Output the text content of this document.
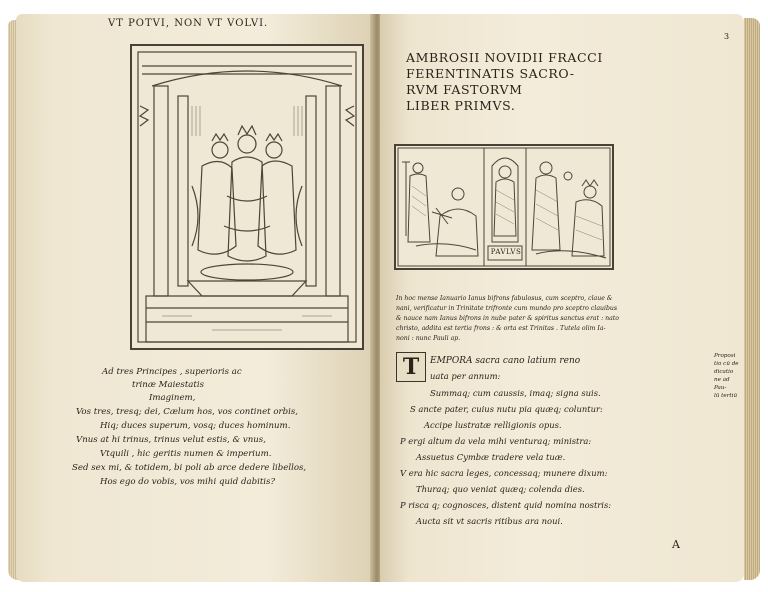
VT POTVI, NON VT VOLVI.
Ad tres Principes , superioris ac
trinæ Maiestatis
Imaginem,
Vos tres, tresq; dei, Cælum hos, vos continet orbis,
Hiq; duces superum, vosq; duces hominum.
Vnus at hi trinus, trinus velut estis, & vnus,
Vtquili , hic geritis numen & imperium.
Sed sex mi, & totidem, bi poli ab arce dedere libellos,
Hos ego do vobis, vos mihi quid dabitis?
3
AMBROSII NOVIDII FRACCI
FERENTINATIS SACRO-
RVM FASTORVM
LIBER PRIMVS.
PAVLVS
In hoc mense Ianuario Ianus bifrons fabulosus, cum sceptro, claue &
nani, verificatur in Trinitate trifronte cum mundo pro sceptro clauibus
& nauce nam Ianus bifrons in nube pater & spiritus sanctus erat : nato
christo, addita est tertia frons : & orta est Trinitas . Tutela olim Ia-
noni : nunc Pauli ap.
T	EMPORA sacra cano latium reno
uata per annum:
Summaq; cum caussis, imaq; signa suis.
S ancte pater, cuius nutu pia quæq; coluntur:
Accipe lustratæ relligionis opus.
P ergi altum da vela mihi venturaq; ministra:
Assuetus Cymbæ tradere vela tuæ.
V era hic sacra leges, concessaq; munere dixum:
Thuraq; quo veniat quæq; colenda dies.
P risca q; cognosces, distent quid nomina nostris:
Aucta sit vt sacris ritibus ara noui.
Proposi
tio cū de
dicatio
ne ad
Pau-
lū tertiū
A
